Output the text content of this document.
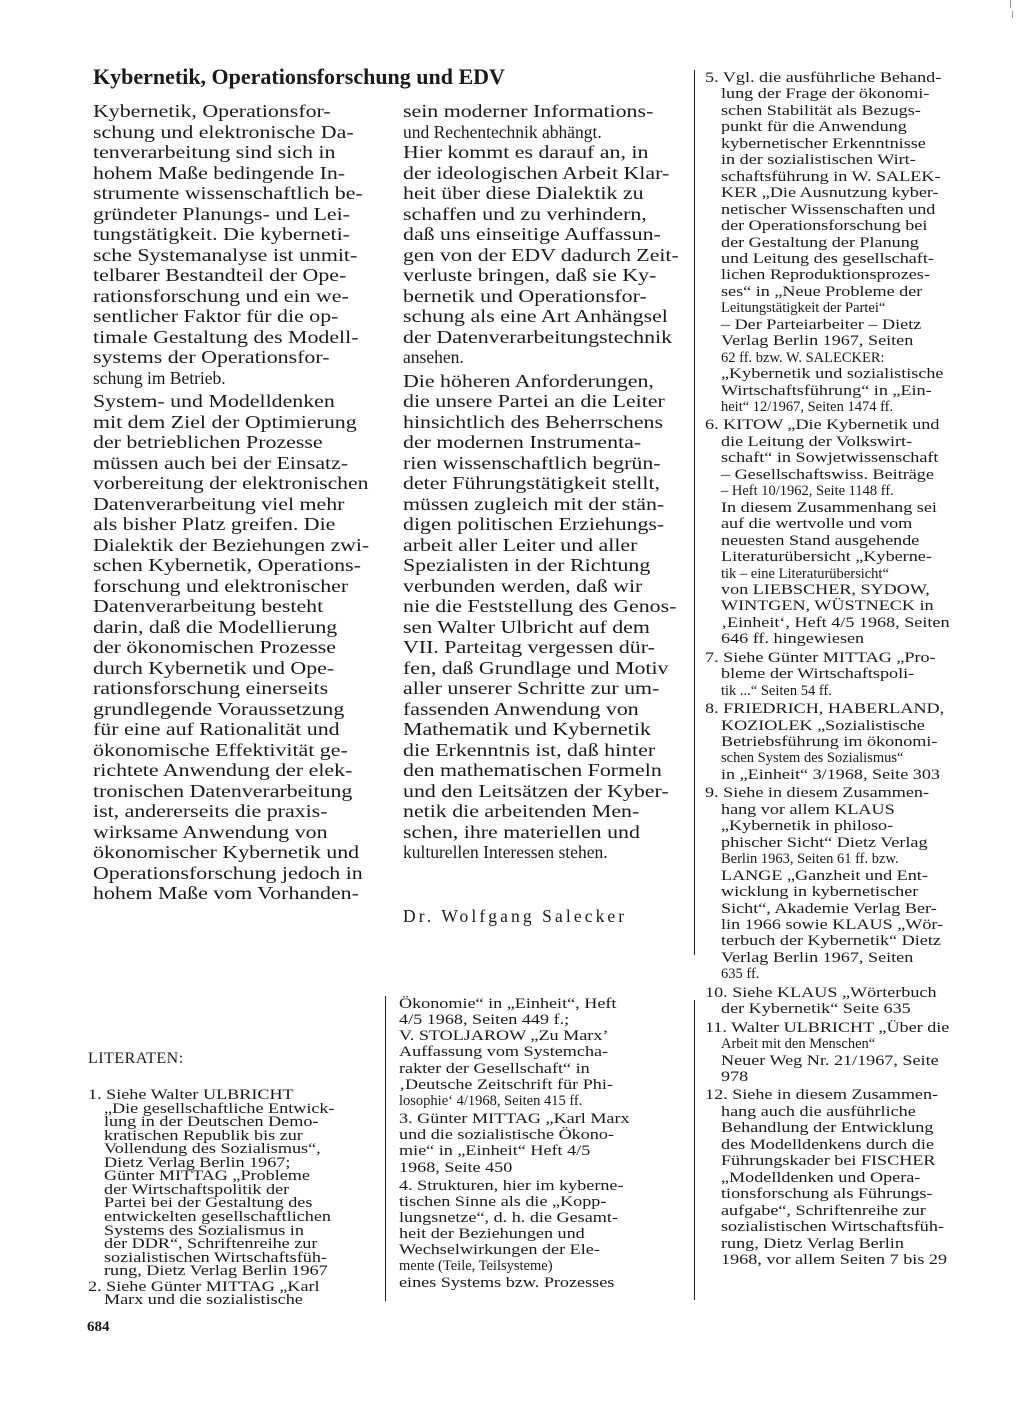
Kybernetik, Operationsforschung und EDV
Kybernetik, Operationsfor-
schung und elektronische Da-
tenverarbeitung sind sich in
hohem Maße bedingende In-
strumente wissenschaftlich be-
gründeter Planungs- und Lei-
tungstätigkeit. Die kyberneti-
sche Systemanalyse ist unmit-
telbarer Bestandteil der Ope-
rationsforschung und ein we-
sentlicher Faktor für die op-
timale Gestaltung des Modell-
systems der Operationsfor-
schung im Betrieb.
System- und Modelldenken
mit dem Ziel der Optimierung
der betrieblichen Prozesse
müssen auch bei der Einsatz-
vorbereitung der elektronischen
Datenverarbeitung viel mehr
als bisher Platz greifen. Die
Dialektik der Beziehungen zwi-
schen Kybernetik, Operations-
forschung und elektronischer
Datenverarbeitung besteht
darin, daß die Modellierung
der ökonomischen Prozesse
durch Kybernetik und Ope-
rationsforschung einerseits
grundlegende Voraussetzung
für eine auf Rationalität und
ökonomische Effektivität ge-
richtete Anwendung der elek-
tronischen Datenverarbeitung
ist, andererseits die praxis-
wirksame Anwendung von
ökonomischer Kybernetik und
Operationsforschung jedoch in
hohem Maße vom Vorhanden-
sein moderner Informations-
und Rechentechnik abhängt.
Hier kommt es darauf an, in
der ideologischen Arbeit Klar-
heit über diese Dialektik zu
schaffen und zu verhindern,
daß uns einseitige Auffassun-
gen von der EDV dadurch Zeit-
verluste bringen, daß sie Ky-
bernetik und Operationsfor-
schung als eine Art Anhängsel
der Datenverarbeitungstechnik
ansehen.
Die höheren Anforderungen,
die unsere Partei an die Leiter
hinsichtlich des Beherrschens
der modernen Instrumenta-
rien wissenschaftlich begrün-
deter Führungstätigkeit stellt,
müssen zugleich mit der stän-
digen politischen Erziehungs-
arbeit aller Leiter und aller
Spezialisten in der Richtung
verbunden werden, daß wir
nie die Feststellung des Genos-
sen Walter Ulbricht auf dem
VII. Parteitag vergessen dür-
fen, daß Grundlage und Motiv
aller unserer Schritte zur um-
fassenden Anwendung von
Mathematik und Kybernetik
die Erkenntnis ist, daß hinter
den mathematischen Formeln
und den Leitsätzen der Kyber-
netik die arbeitenden Men-
schen, ihre materiellen und
kulturellen Interessen stehen.
Dr. Wolfgang Salecker
LITERATEN:
1. Siehe Walter ULBRICHT
„Die gesellschaftliche Entwick-
lung in der Deutschen Demo-
kratischen Republik bis zur
Vollendung des Sozialismus“,
Dietz Verlag Berlin 1967;
Günter MITTAG „Probleme
der Wirtschaftspolitik der
Partei bei der Gestaltung des
entwickelten gesellschaftlichen
Systems des Sozialismus in
der DDR“, Schriftenreihe zur
sozialistischen Wirtschaftsfüh-
rung, Dietz Verlag Berlin 1967
2. Siehe Günter MITTAG „Karl
Marx und die sozialistische
Ökonomie“ in „Einheit“, Heft
4/5 1968, Seiten 449 f.;
V. STOLJAROW „Zu Marx’
Auffassung vom Systemcha-
rakter der Gesellschaft“ in
‚Deutsche Zeitschrift für Phi-
losophie‘ 4/1968, Seiten 415 ff.
3. Günter MITTAG „Karl Marx
und die sozialistische Ökono-
mie“ in „Einheit“ Heft 4/5
1968, Seite 450
4. Strukturen, hier im kyberne-
tischen Sinne als die „Kopp-
lungsnetze“, d. h. die Gesamt-
heit der Beziehungen und
Wechselwirkungen der Ele-
mente (Teile, Teilsysteme)
eines Systems bzw. Prozesses
5. Vgl. die ausführliche Behand-
lung der Frage der ökonomi-
schen Stabilität als Bezugs-
punkt für die Anwendung
kybernetischer Erkenntnisse
in der sozialistischen Wirt-
schaftsführung in W. SALEK-
KER „Die Ausnutzung kyber-
netischer Wissenschaften und
der Operationsforschung bei
der Gestaltung der Planung
und Leitung des gesellschaft-
lichen Reproduktionsprozes-
ses“ in „Neue Probleme der
Leitungstätigkeit der Partei“
– Der Parteiarbeiter – Dietz
Verlag Berlin 1967, Seiten
62 ff. bzw. W. SALECKER:
„Kybernetik und sozialistische
Wirtschaftsführung“ in „Ein-
heit“ 12/1967, Seiten 1474 ff.
6. KITOW „Die Kybernetik und
die Leitung der Volkswirt-
schaft“ in Sowjetwissenschaft
– Gesellschaftswiss. Beiträge
– Heft 10/1962, Seite 1148 ff.
In diesem Zusammenhang sei
auf die wertvolle und vom
neuesten Stand ausgehende
Literaturübersicht „Kyberne-
tik – eine Literaturübersicht“
von LIEBSCHER, SYDOW,
WINTGEN, WÜSTNECK in
‚Einheit‘, Heft 4/5 1968, Seiten
646 ff. hingewiesen
7. Siehe Günter MITTAG „Pro-
bleme der Wirtschaftspoli-
tik ...“ Seiten 54 ff.
8. FRIEDRICH, HABERLAND,
KOZIOLEK „Sozialistische
Betriebsführung im ökonomi-
schen System des Sozialismus“
in „Einheit“ 3/1968, Seite 303
9. Siehe in diesem Zusammen-
hang vor allem KLAUS
„Kybernetik in philoso-
phischer Sicht“ Dietz Verlag
Berlin 1963, Seiten 61 ff. bzw.
LANGE „Ganzheit und Ent-
wicklung in kybernetischer
Sicht“, Akademie Verlag Ber-
lin 1966 sowie KLAUS „Wör-
terbuch der Kybernetik“ Dietz
Verlag Berlin 1967, Seiten
635 ff.
10. Siehe KLAUS „Wörterbuch
der Kybernetik“ Seite 635
11. Walter ULBRICHT „Über die
Arbeit mit den Menschen“
Neuer Weg Nr. 21/1967, Seite
978
12. Siehe in diesem Zusammen-
hang auch die ausführliche
Behandlung der Entwicklung
des Modelldenkens durch die
Führungskader bei FISCHER
„Modelldenken und Opera-
tionsforschung als Führungs-
aufgabe“, Schriftenreihe zur
sozialistischen Wirtschaftsfüh-
rung, Dietz Verlag Berlin
1968, vor allem Seiten 7 bis 29
684
